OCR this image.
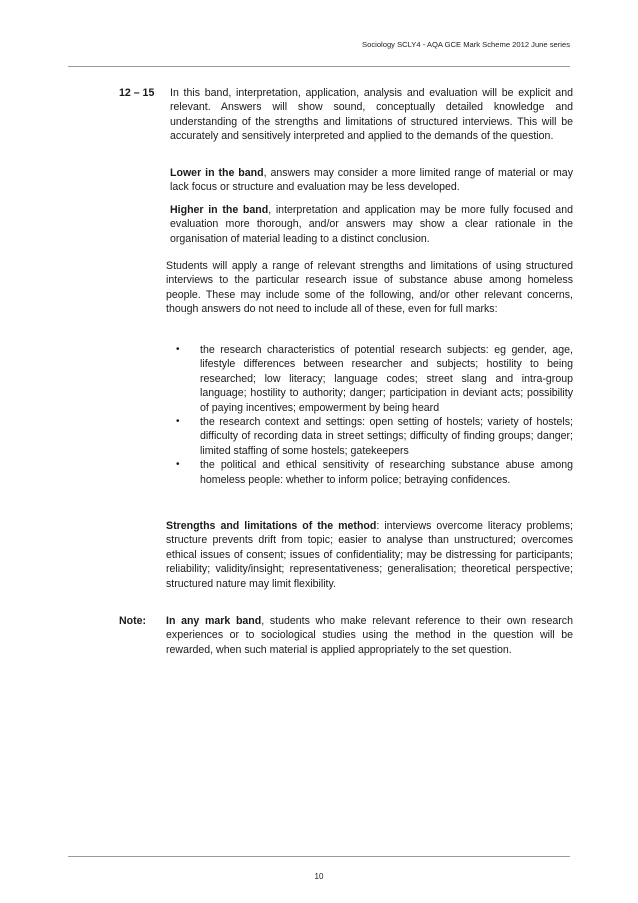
Sociology SCLY4 - AQA GCE Mark Scheme 2012 June series
12 – 15 In this band, interpretation, application, analysis and evaluation will be explicit and relevant. Answers will show sound, conceptually detailed knowledge and understanding of the strengths and limitations of structured interviews. This will be accurately and sensitively interpreted and applied to the demands of the question.
Lower in the band, answers may consider a more limited range of material or may lack focus or structure and evaluation may be less developed.
Higher in the band, interpretation and application may be more fully focused and evaluation more thorough, and/or answers may show a clear rationale in the organisation of material leading to a distinct conclusion.
Students will apply a range of relevant strengths and limitations of using structured interviews to the particular research issue of substance abuse among homeless people. These may include some of the following, and/or other relevant concerns, though answers do not need to include all of these, even for full marks:
• the research characteristics of potential research subjects: eg gender, age, lifestyle differences between researcher and subjects; hostility to being researched; low literacy; language codes; street slang and intra-group language; hostility to authority; danger; participation in deviant acts; possibility of paying incentives; empowerment by being heard
• the research context and settings: open setting of hostels; variety of hostels; difficulty of recording data in street settings; difficulty of finding groups; danger; limited staffing of some hostels; gatekeepers
• the political and ethical sensitivity of researching substance abuse among homeless people: whether to inform police; betraying confidences.
Strengths and limitations of the method: interviews overcome literacy problems; structure prevents drift from topic; easier to analyse than unstructured; overcomes ethical issues of consent; issues of confidentiality; may be distressing for participants; reliability; validity/insight; representativeness; generalisation; theoretical perspective; structured nature may limit flexibility.
Note: In any mark band, students who make relevant reference to their own research experiences or to sociological studies using the method in the question will be rewarded, when such material is applied appropriately to the set question.
10
